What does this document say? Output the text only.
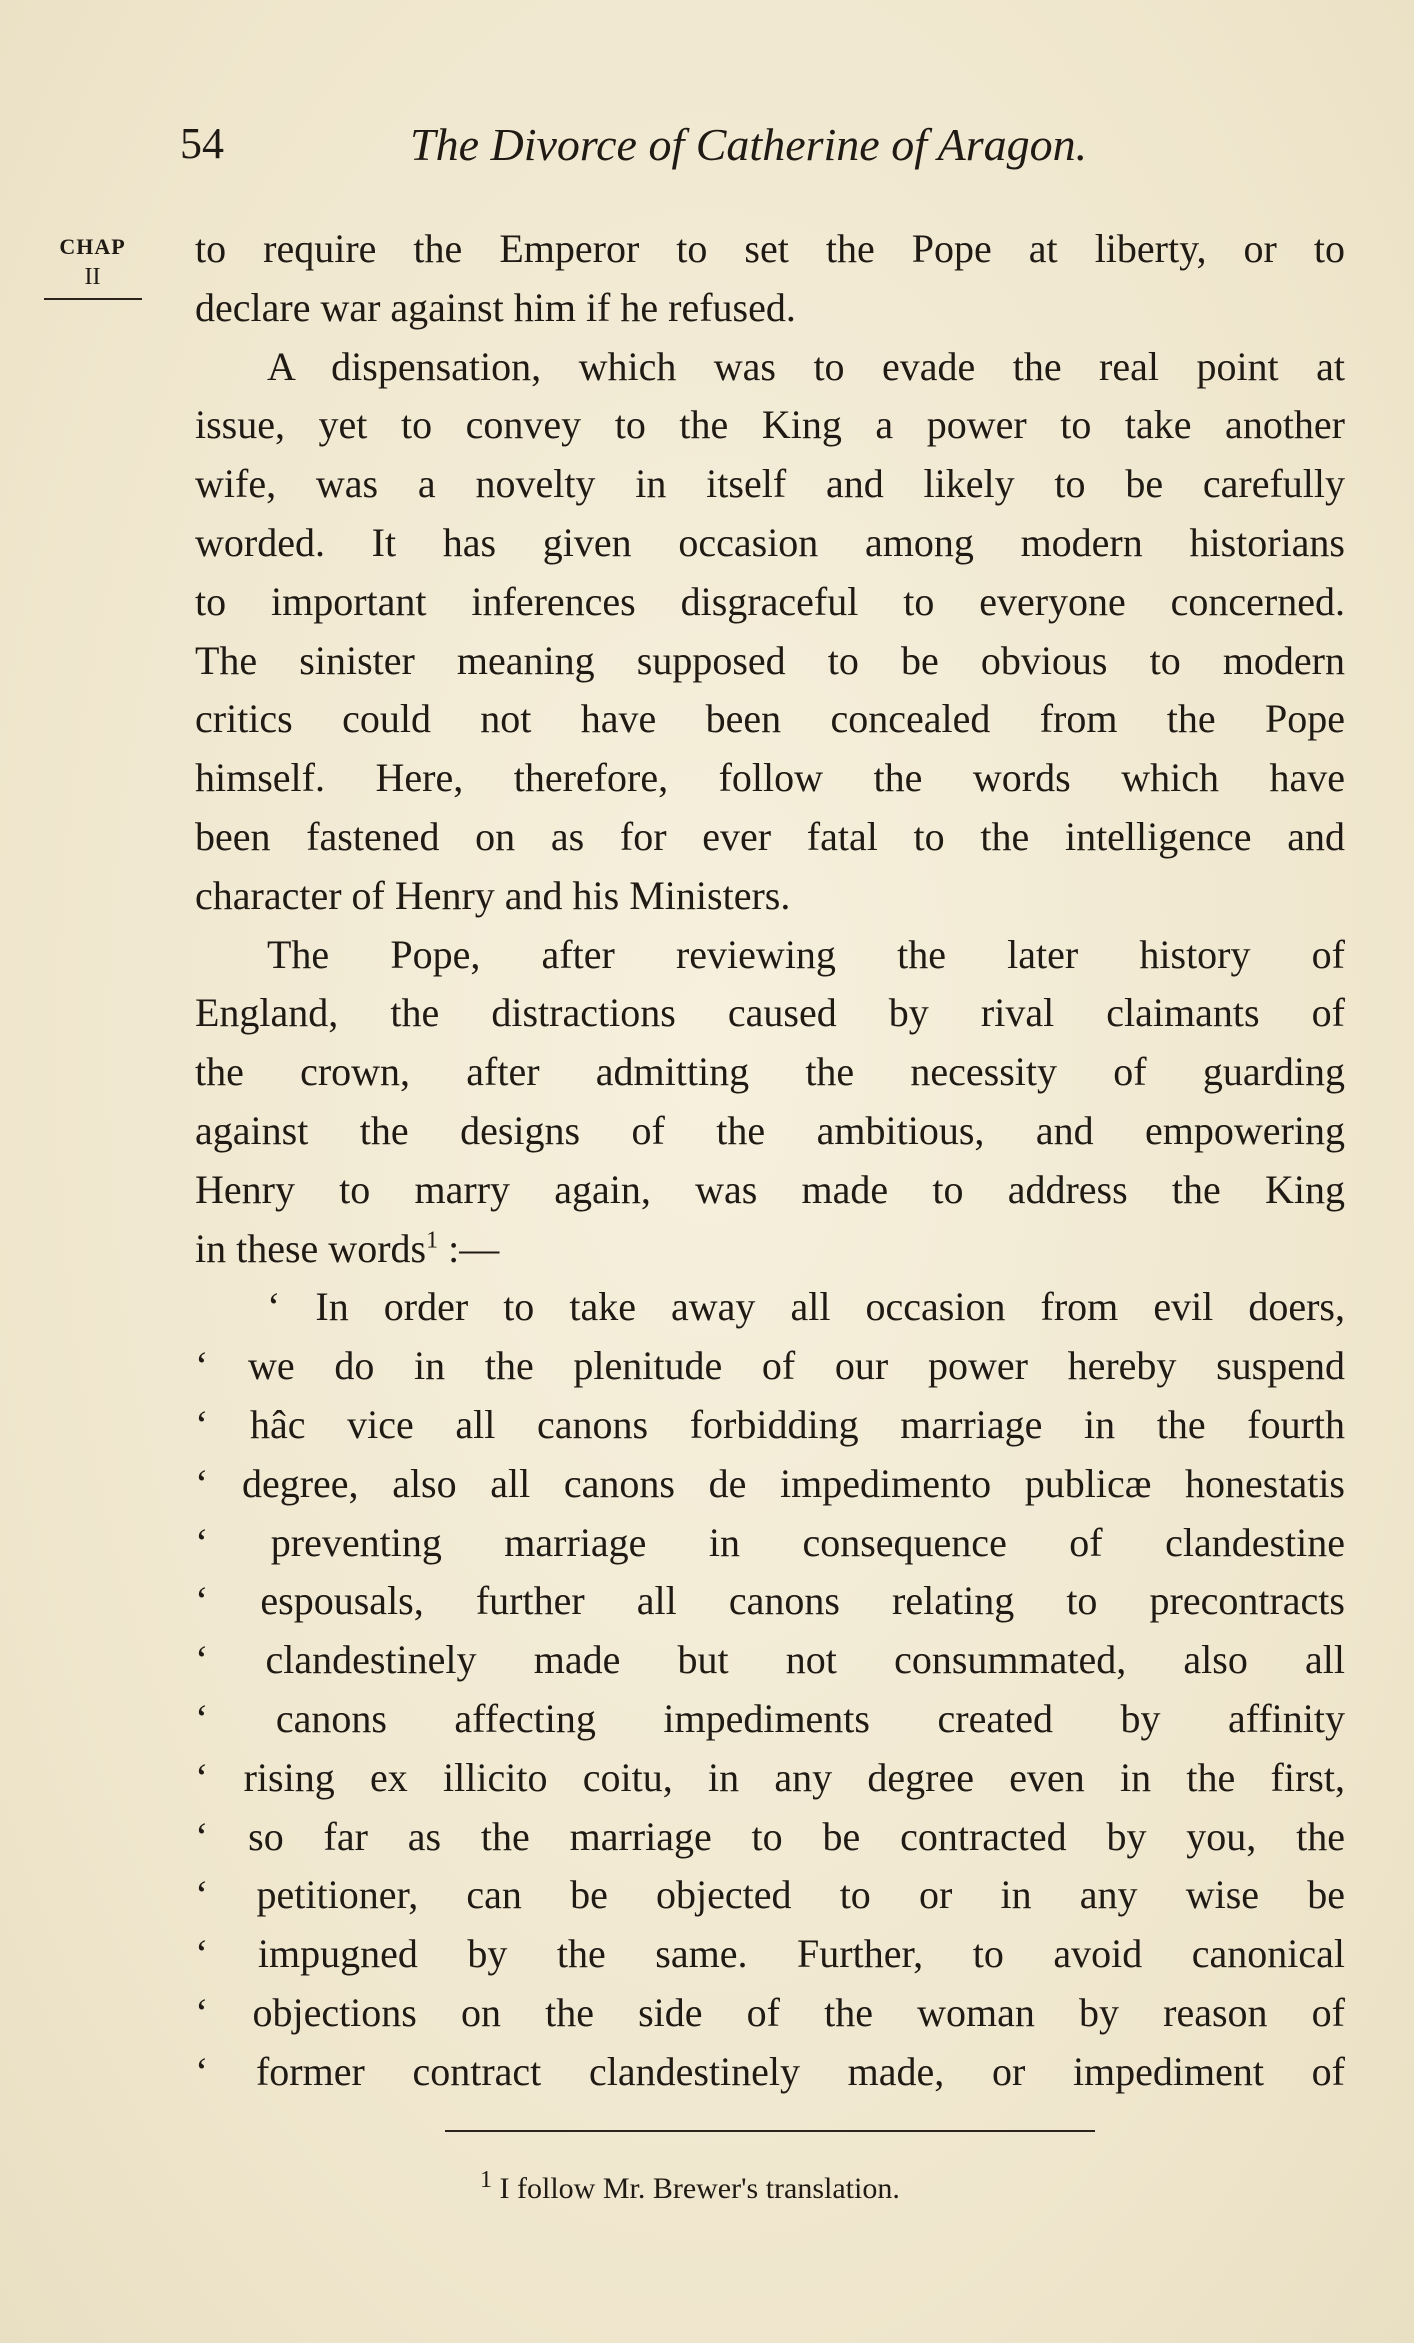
54	The Divorce of Catherine of Aragon.
CHAP
II
to require the Emperor to set the Pope at liberty, or to
declare war against him if he refused.
A dispensation, which was to evade the real point at
issue, yet to convey to the King a power to take another
wife, was a novelty in itself and likely to be carefully
worded. It has given occasion among modern historians
to important inferences disgraceful to everyone concerned.
The sinister meaning supposed to be obvious to modern
critics could not have been concealed from the Pope
himself. Here, therefore, follow the words which have
been fastened on as for ever fatal to the intelligence and
character of Henry and his Ministers.
The Pope, after reviewing the later history of
England, the distractions caused by rival claimants of
the crown, after admitting the necessity of guarding
against the designs of the ambitious, and empowering
Henry to marry again, was made to address the King
in these words$^1$ :—
‘ In order to take away all occasion from evil doers,
‘ we do in the plenitude of our power hereby suspend
‘ hâc vice all canons forbidding marriage in the fourth
‘ degree, also all canons de impedimento publicæ honestatis
‘ preventing marriage in consequence of clandestine
‘ espousals, further all canons relating to precontracts
‘ clandestinely made but not consummated, also all
‘ canons affecting impediments created by affinity
‘ rising ex illicito coitu, in any degree even in the first,
‘ so far as the marriage to be contracted by you, the
‘ petitioner, can be objected to or in any wise be
‘ impugned by the same. Further, to avoid canonical
‘ objections on the side of the woman by reason of
‘ former contract clandestinely made, or impediment of
$^1$ I follow Mr. Brewer's translation.
